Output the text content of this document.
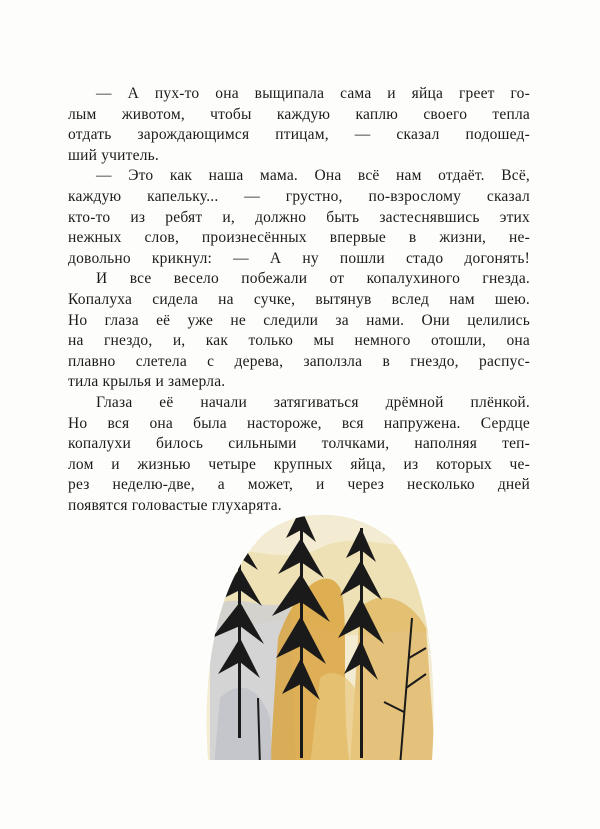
— А пух-то она выщипала сама и яйца греет го-
лым животом, чтобы каждую каплю своего тепла
отдать зарождающимся птицам, — сказал подошед-
ший учитель.
— Это как наша мама. Она всё нам отдаёт. Всё,
каждую капельку... — грустно, по-взрослому сказал
кто-то из ребят и, должно быть застеснявшись этих
нежных слов, произнесённых впервые в жизни, не-
довольно крикнул: — А ну пошли стадо догонять!
И все весело побежали от копалухиного гнезда.
Копалуха сидела на сучке, вытянув вслед нам шею.
Но глаза её уже не следили за нами. Они целились
на гнездо, и, как только мы немного отошли, она
плавно слетела с дерева, заползла в гнездо, распус-
тила крылья и замерла.
Глаза её начали затягиваться дрёмной плёнкой.
Но вся она была настороже, вся напружена. Сердце
копалухи билось сильными толчками, наполняя теп-
лом и жизнью четыре крупных яйца, из которых че-
рез неделю-две, а может, и через несколько дней
появятся головастые глухарята.
